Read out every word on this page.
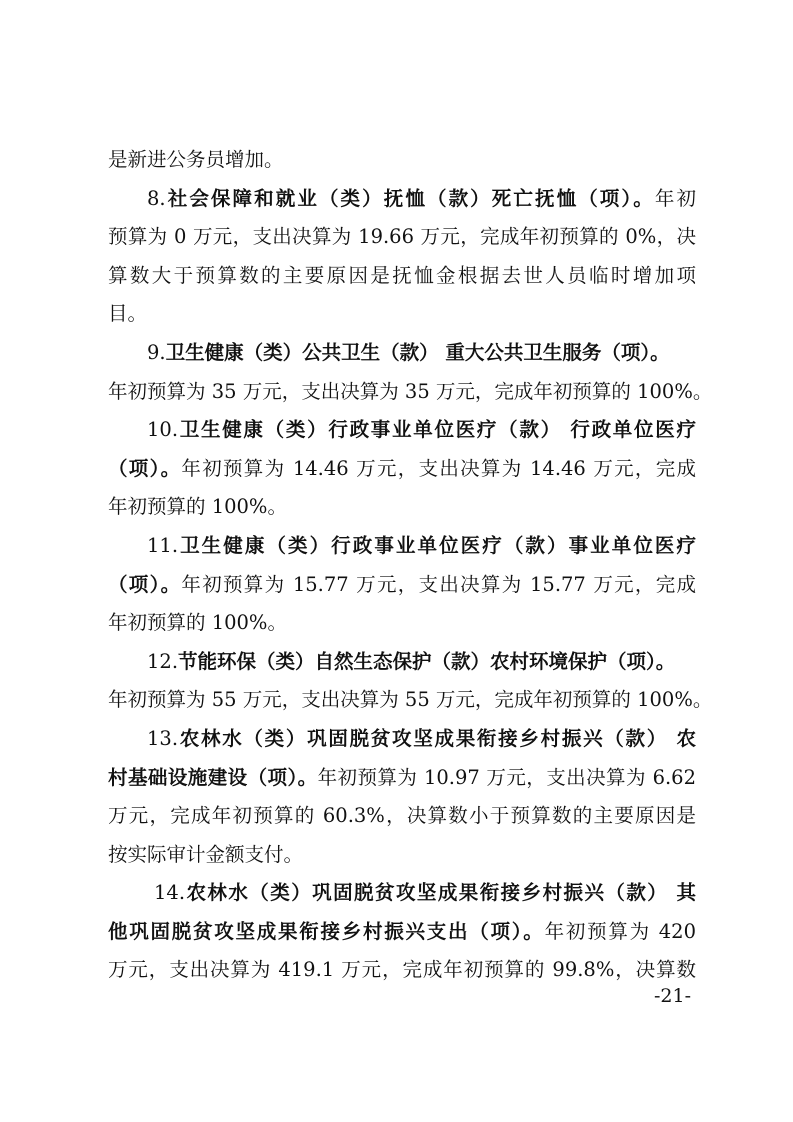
是新进公务员增加。
8.社会保障和就业（类）抚恤（款）死亡抚恤（项）。年初
预算为 0 万元，支出决算为 19.66 万元，完成年初预算的 0%，决
算数大于预算数的主要原因是抚恤金根据去世人员临时增加项
目。
9.卫生健康（类）公共卫生（款） 重大公共卫生服务（项）。
年初预算为 35 万元，支出决算为 35 万元，完成年初预算的 100%。
10.卫生健康（类）行政事业单位医疗（款） 行政单位医疗
（项）。年初预算为 14.46 万元，支出决算为 14.46 万元，完成
年初预算的 100%。
11.卫生健康（类）行政事业单位医疗（款）事业单位医疗
（项）。年初预算为 15.77 万元，支出决算为 15.77 万元，完成
年初预算的 100%。
12.节能环保（类）自然生态保护（款）农村环境保护（项）。
年初预算为 55 万元，支出决算为 55 万元，完成年初预算的 100%。
13.农林水（类）巩固脱贫攻坚成果衔接乡村振兴（款） 农
村基础设施建设（项）。年初预算为 10.97 万元，支出决算为 6.62
万元，完成年初预算的 60.3%，决算数小于预算数的主要原因是
按实际审计金额支付。
14.农林水（类）巩固脱贫攻坚成果衔接乡村振兴（款） 其
他巩固脱贫攻坚成果衔接乡村振兴支出（项）。年初预算为 420
万元，支出决算为 419.1 万元，完成年初预算的 99.8%，决算数
-21-
